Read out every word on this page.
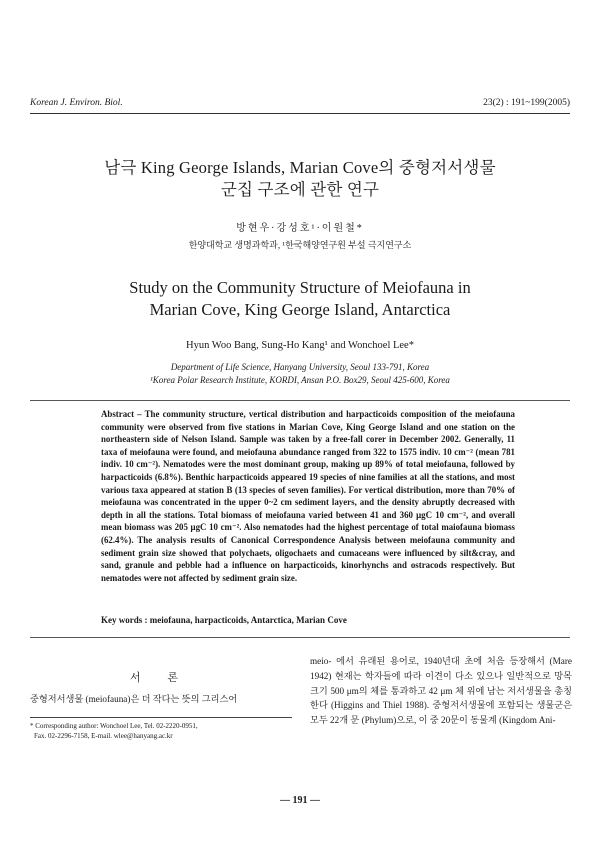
Korean J. Environ. Biol.	23(2) : 191~199(2005)
남극 King George Islands, Marian Cove의 중형저서생물
군집 구조에 관한 연구
방현우·강성호¹·이원철*
한양대학교 생명과학과, ¹한국해양연구원 부설 극지연구소
Study on the Community Structure of Meiofauna in
Marian Cove, King George Island, Antarctica
Hyun Woo Bang, Sung-Ho Kang¹ and Wonchoel Lee*
Department of Life Science, Hanyang University, Seoul 133-791, Korea
¹Korea Polar Research Institute, KORDI, Ansan P.O. Box29, Seoul 425-600, Korea
Abstract – The community structure, vertical distribution and harpacticoids composition of the meiofauna community were observed from five stations in Marian Cove, King George Island and one station on the northeastern side of Nelson Island. Sample was taken by a free-fall corer in December 2002. Generally, 11 taxa of meiofauna were found, and meiofauna abundance ranged from 322 to 1575 indiv. 10 cm⁻² (mean 781 indiv. 10 cm⁻²). Nematodes were the most dominant group, making up 89% of total meiofauna, followed by harpacticoids (6.8%). Benthic harpacticoids appeared 19 species of nine families at all the stations, and most various taxa appeared at station B (13 species of seven families). For vertical distribution, more than 70% of meiofauna was concentrated in the upper 0~2 cm sediment layers, and the density abruptly decreased with depth in all the stations. Total biomass of meiofauna varied between 41 and 360 μgC 10 cm⁻², and overall mean biomass was 205 μgC 10 cm⁻². Also nematodes had the highest percentage of total maiofauna biomass (62.4%). The analysis results of Canonical Correspondence Analysis between meiofauna community and sediment grain size showed that polychaets, oligochaets and cumaceans were influenced by silt&cray, and sand, granule and pebble had a influence on harpacticoids, kinorhynchs and ostracods respectively. But nematodes were not affected by sediment grain size.
Key words : meiofauna, harpacticoids, Antarctica, Marian Cove
서 론
중형저서생물 (meiofauna)은 더 작다는 뜻의 그리스어
* Corresponding author: Wonchoel Lee, Tel. 02-2220-0951,
Fax. 02-2296-7158, E-mail. wlee@hanyang.ac.kr
meio- 에서 유래된 용어로, 1940년대 초에 처음 등장해서 (Mare 1942) 현재는 학자들에 따라 이견이 다소 있으나 일반적으로 망목 크기 500 μm의 체를 통과하고 42 μm 체 위에 남는 저서생물을 총칭한다 (Higgins and Thiel 1988). 중형저서생물에 포함되는 생물군은 모두 22개 문 (Phylum)으로, 이 중 20문이 동물계 (Kingdom Ani-
— 191 —
